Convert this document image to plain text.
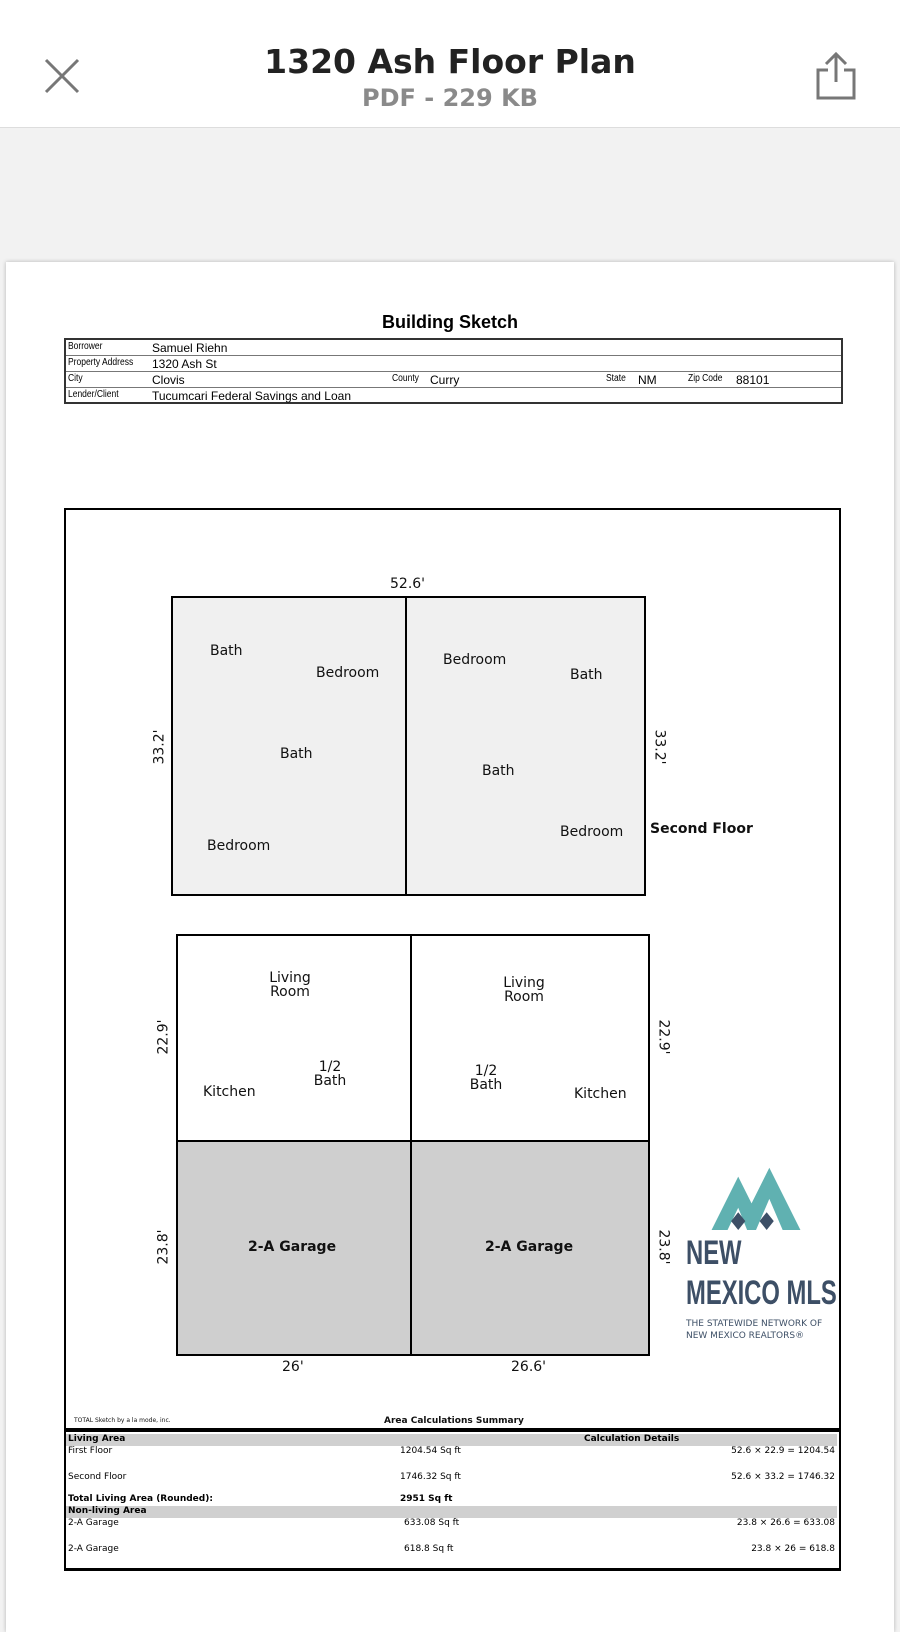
1320 Ash Floor Plan
PDF - 229 KB
Building Sketch
Borrower	Samuel Riehn
Property Address 1320 Ash St
City	Clovis	County Curry	State NM	Zip Code 88101
Lender/Client	Tucumcari Federal Savings and Loan
52.6'
33.2'	33.2'
Second Floor
Bath
Bedroom
Bath
Bedroom
Bedroom
Bath
Bath
Bedroom
Living Room
Kitchen
1/2 Bath
Living Room
1/2 Bath
Kitchen
2-A Garage	2-A Garage
22.9'	22.9'
23.8'	23.8'
26'	26.6'
TOTAL Sketch by a la mode, inc.	Area Calculations Summary
Living Area	Calculation Details
First Floor	1204.54 Sq ft	52.6 × 22.9 = 1204.54
Second Floor	1746.32 Sq ft	52.6 × 33.2 = 1746.32
Total Living Area (Rounded):	2951 Sq ft
Non-living Area
2-A Garage	633.08 Sq ft	23.8 × 26.6 = 633.08
2-A Garage	618.8 Sq ft	23.8 × 26 = 618.8
NEW
MEXICO MLS
THE STATEWIDE NETWORK OF NEW MEXICO REALTORS®
